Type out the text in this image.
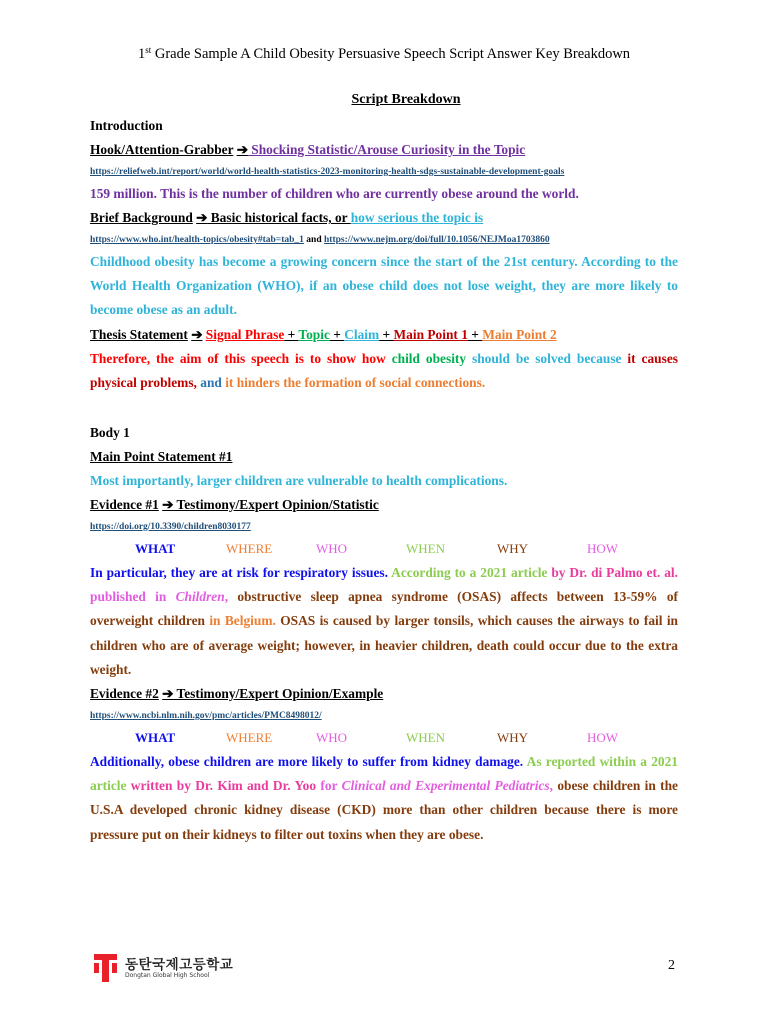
1st Grade Sample A Child Obesity Persuasive Speech Script Answer Key Breakdown
Script Breakdown

Introduction

Hook/Attention-Grabber ➔ Shocking Statistic/Arouse Curiosity in the Topic

https://reliefweb.int/report/world/world-health-statistics-2023-monitoring-health-sdgs-sustainable-development-goals

159 million. This is the number of children who are currently obese around the world.

Brief Background ➔ Basic historical facts, or how serious the topic is

https://www.who.int/health-topics/obesity#tab=tab_1 and https://www.nejm.org/doi/full/10.1056/NEJMoa1703860

Childhood obesity has become a growing concern since the start of the 21st century. According to the World Health Organization (WHO), if an obese child does not lose weight, they are more likely to become obese as an adult.

Thesis Statement ➔ Signal Phrase + Topic + Claim + Main Point 1 + Main Point 2

Therefore, the aim of this speech is to show how child obesity should be solved because it causes physical problems, and it hinders the formation of social connections.

Body 1

Main Point Statement #1

Most importantly, larger children are vulnerable to health complications.

Evidence #1 ➔ Testimony/Expert Opinion/Statistic

https://doi.org/10.3390/children8030177

WHAT	WHERE	WHO	WHEN	WHY	HOW

In particular, they are at risk for respiratory issues. According to a 2021 article by Dr. di Palmo et. al. published in Children, obstructive sleep apnea syndrome (OSAS) affects between 13-59% of overweight children in Belgium. OSAS is caused by larger tonsils, which causes the airways to fail in children who are of average weight; however, in heavier children, death could occur due to the extra weight.

Evidence #2 ➔ Testimony/Expert Opinion/Example

https://www.ncbi.nlm.nih.gov/pmc/articles/PMC8498012/

WHAT	WHERE	WHO	WHEN	WHY	HOW

Additionally, obese children are more likely to suffer from kidney damage. As reported within a 2021 article written by Dr. Kim and Dr. Yoo for Clinical and Experimental Pediatrics, obese children in the U.S.A developed chronic kidney disease (CKD) more than other children because there is more pressure put on their kidneys to filter out toxins when they are obese.

동탄국제고등학교
Dongtan Global High School
2
